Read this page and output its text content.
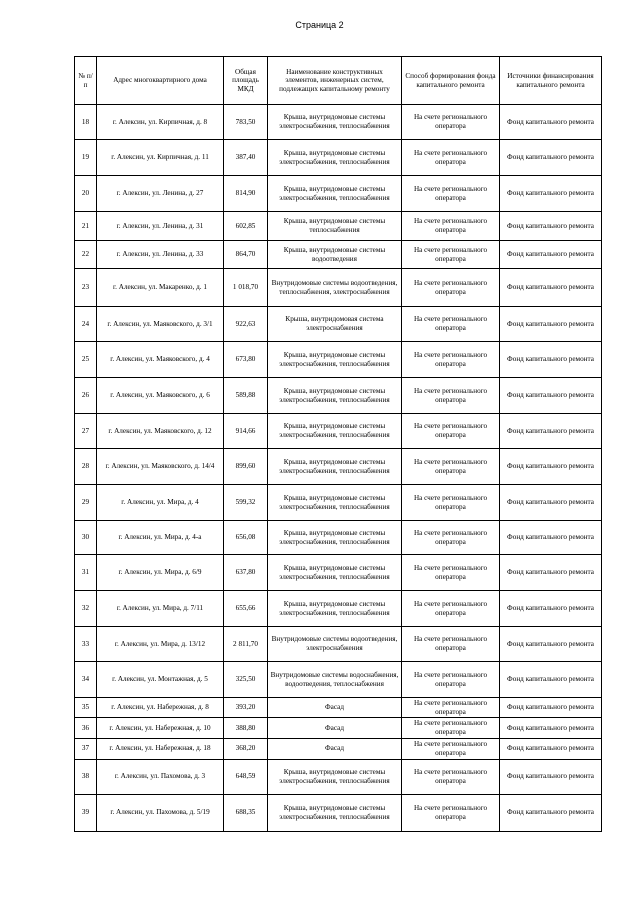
Страница 2
№ п/п	Адрес многоквартирного дома	Общая площадь МКД	Наименование конструктивных элементов, инженерных систем, подлежащих капитальному ремонту	Способ формирования фонда капитального ремонта	Источники финансирования капитального ремонта
18	г. Алексин, ул. Кирпичная, д. 8	783,50	Крыша, внутридомовые системы электроснабжения, теплоснабжения	На счете регионального оператора	Фонд капитального ремонта
19	г. Алексин, ул. Кирпичная, д. 11	387,40	Крыша, внутридомовые системы электроснабжения, теплоснабжения	На счете регионального оператора	Фонд капитального ремонта
20	г. Алексин, ул. Ленина, д. 27	814,90	Крыша, внутридомовые системы электроснабжения, теплоснабжения	На счете регионального оператора	Фонд капитального ремонта
21	г. Алексин, ул. Ленина, д. 31	602,85	Крыша, внутридомовые системы теплоснабжения	На счете регионального оператора	Фонд капитального ремонта
22	г. Алексин, ул. Ленина, д. 33	864,70	Крыша, внутридомовые системы водоотведения	На счете регионального оператора	Фонд капитального ремонта
23	г. Алексин, ул. Макаренко, д. 1	1 018,70	Внутридомовые системы водоотведения, теплоснабжения, электроснабжения	На счете регионального оператора	Фонд капитального ремонта
24	г. Алексин, ул. Маяковского, д. 3/1	922,63	Крыша, внутридомовая система электроснабжения	На счете регионального оператора	Фонд капитального ремонта
25	г. Алексин, ул. Маяковского, д. 4	673,80	Крыша, внутридомовые системы электроснабжения, теплоснабжения	На счете регионального оператора	Фонд капитального ремонта
26	г. Алексин, ул. Маяковского, д. 6	589,88	Крыша, внутридомовые системы электроснабжения, теплоснабжения	На счете регионального оператора	Фонд капитального ремонта
27	г. Алексин, ул. Маяковского, д. 12	914,66	Крыша, внутридомовые системы электроснабжения, теплоснабжения	На счете регионального оператора	Фонд капитального ремонта
28	г. Алексин, ул. Маяковского, д. 14/4	899,60	Крыша, внутридомовые системы электроснабжения, теплоснабжения	На счете регионального оператора	Фонд капитального ремонта
29	г. Алексин, ул. Мира, д. 4	599,32	Крыша, внутридомовые системы электроснабжения, теплоснабжения	На счете регионального оператора	Фонд капитального ремонта
30	г. Алексин, ул. Мира, д. 4-а	656,08	Крыша, внутридомовые системы электроснабжения, теплоснабжения	На счете регионального оператора	Фонд капитального ремонта
31	г. Алексин, ул. Мира, д. 6/9	637,80	Крыша, внутридомовые системы электроснабжения, теплоснабжения	На счете регионального оператора	Фонд капитального ремонта
32	г. Алексин, ул. Мира, д. 7/11	655,66	Крыша, внутридомовые системы электроснабжения, теплоснабжения	На счете регионального оператора	Фонд капитального ремонта
33	г. Алексин, ул. Мира, д. 13/12	2 811,70	Внутридомовые системы водоотведения, электроснабжения	На счете регионального оператора	Фонд капитального ремонта
34	г. Алексин, ул. Монтажная, д. 5	325,50	Внутридомовые системы водоснабжения, водоотведения, теплоснабжения	На счете регионального оператора	Фонд капитального ремонта
35	г. Алексин, ул. Набережная, д. 8	393,20	Фасад	На счете регионального оператора	Фонд капитального ремонта
36	г. Алексин, ул. Набережная, д. 10	388,80	Фасад	На счете регионального оператора	Фонд капитального ремонта
37	г. Алексин, ул. Набережная, д. 18	368,20	Фасад	На счете регионального оператора	Фонд капитального ремонта
38	г. Алексин, ул. Пахомова, д. 3	648,59	Крыша, внутридомовые системы электроснабжения, теплоснабжения	На счете регионального оператора	Фонд капитального ремонта
39	г. Алексин, ул. Пахомова, д. 5/19	688,35	Крыша, внутридомовые системы электроснабжения, теплоснабжения	На счете регионального оператора	Фонд капитального ремонта
